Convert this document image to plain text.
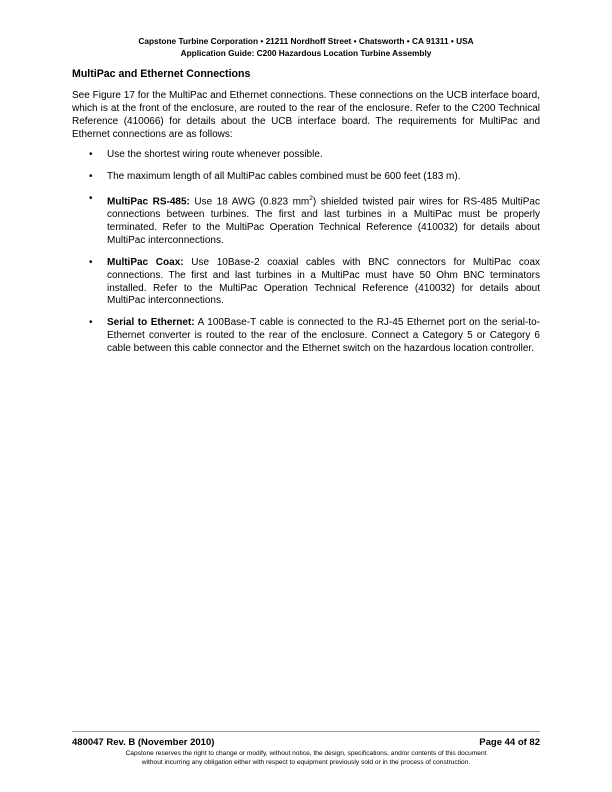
Capstone Turbine Corporation • 21211 Nordhoff Street • Chatsworth • CA 91311 • USA
Application Guide: C200 Hazardous Location Turbine Assembly
MultiPac and Ethernet Connections

See Figure 17 for the MultiPac and Ethernet connections. These connections on the UCB interface board, which is at the front of the enclosure, are routed to the rear of the enclosure. Refer to the C200 Technical Reference (410066) for details about the UCB interface board. The requirements for MultiPac and Ethernet connections are as follows:

• Use the shortest wiring route whenever possible.
• The maximum length of all MultiPac cables combined must be 600 feet (183 m).
• MultiPac RS-485: Use 18 AWG (0.823 $mm^2$) shielded twisted pair wires for RS-485 MultiPac connections between turbines. The first and last turbines in a MultiPac must be properly terminated. Refer to the MultiPac Operation Technical Reference (410032) for details about MultiPac interconnections.
• MultiPac Coax: Use 10Base-2 coaxial cables with BNC connectors for MultiPac coax connections. The first and last turbines in a MultiPac must have 50 Ohm BNC terminators installed. Refer to the MultiPac Operation Technical Reference (410032) for details about MultiPac interconnections.
• Serial to Ethernet: A 100Base-T cable is connected to the RJ-45 Ethernet port on the serial-to-Ethernet converter is routed to the rear of the enclosure. Connect a Category 5 or Category 6 cable between this cable connector and the Ethernet switch on the hazardous location controller.
480047 Rev. B (November 2010)	Page 44 of 82
Capstone reserves the right to change or modify, without notice, the design, specifications, and/or contents of this document
without incurring any obligation either with respect to equipment previously sold or in the process of construction.
